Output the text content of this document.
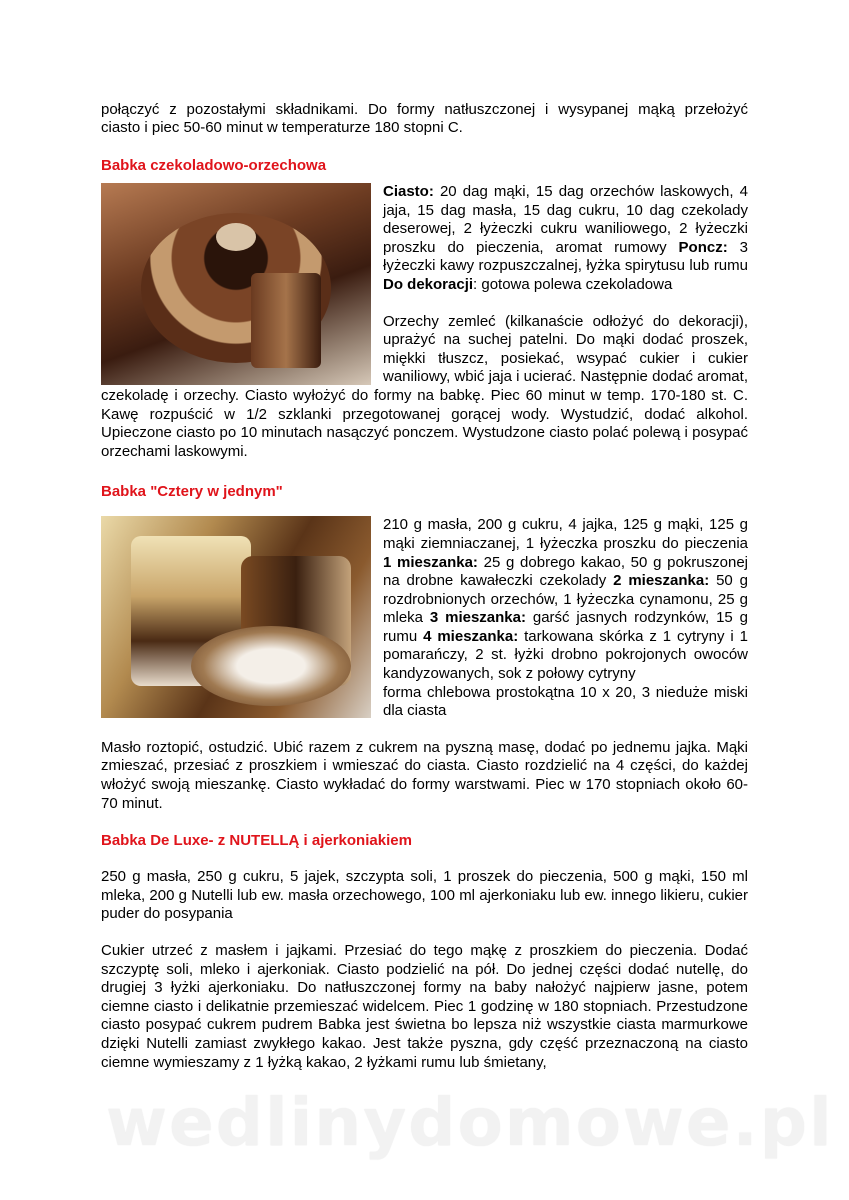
połączyć z pozostałymi składnikami. Do formy natłuszczonej i wysypanej mąką przełożyć

ciasto i piec 50-60 minut w temperaturze 180 stopni C.

Babka czekoladowo-orzechowa

Ciasto: 20 dag mąki, 15 dag orzechów laskowych, 4 jaja, 15 dag masła, 15 dag cukru, 10 dag czekolady deserowej, 2 łyżeczki cukru waniliowego, 2 łyżeczki proszku do pieczenia, aromat rumowy Poncz: 3 łyżeczki kawy rozpuszczalnej, łyżka spirytusu lub rumu Do dekoracji: gotowa polewa czekoladowa

Orzechy zemleć (kilkanaście odłożyć do dekoracji), uprażyć na suchej patelni. Do mąki dodać proszek, miękki tłuszcz, posiekać, wsypać cukier i cukier waniliowy, wbić jaja i ucierać. Następnie dodać aromat, czekoladę i orzechy. Ciasto wyłożyć do formy na babkę. Piec 60 minut w temp. 170-180 st. C. Kawę rozpuścić w 1/2 szklanki przegotowanej gorącej wody. Wystudzić, dodać alkohol. Upieczone ciasto po 10 minutach nasączyć ponczem. Wystudzone ciasto polać polewą i posypać orzechami laskowymi.

Babka "Cztery w jednym"

210 g masła, 200 g cukru, 4 jajka, 125 g mąki, 125 g mąki ziemniaczanej, 1 łyżeczka proszku do pieczenia 1 mieszanka: 25 g dobrego kakao, 50 g pokruszonej na drobne kawałeczki czekolady 2 mieszanka: 50 g rozdrobnionych orzechów, 1 łyżeczka cynamonu, 25 g mleka 3 mieszanka: garść jasnych rodzynków, 15 g rumu 4 mieszanka: tarkowana skórka z 1 cytryny i 1 pomarańczy, 2 st. łyżki drobno pokrojonych owoców kandyzowanych, sok z połowy cytryny

forma chlebowa prostokątna 10 x 20, 3 nieduże miski dla ciasta

Masło roztopić, ostudzić. Ubić razem z cukrem na pyszną masę, dodać po jednemu jajka. Mąki zmieszać, przesiać z proszkiem i wmieszać do ciasta. Ciasto rozdzielić na 4 części, do każdej włożyć swoją mieszankę. Ciasto wykładać do formy warstwami. Piec w 170 stopniach około 60-70 minut.

Babka De Luxe- z NUTELLĄ i ajerkoniakiem

250 g masła, 250 g cukru, 5 jajek, szczypta soli, 1 proszek do pieczenia, 500 g mąki, 150 ml mleka, 200 g Nutelli lub ew. masła orzechowego, 100 ml ajerkoniaku lub ew. innego likieru, cukier puder do posypania

Cukier utrzeć z masłem i jajkami. Przesiać do tego mąkę z proszkiem do pieczenia. Dodać szczyptę soli, mleko i ajerkoniak. Ciasto podzielić na pół. Do jednej części dodać nutellę, do drugiej 3 łyżki ajerkoniaku. Do natłuszczonej formy na baby nałożyć najpierw jasne, potem ciemne ciasto i delikatnie przemieszać widelcem. Piec 1 godzinę w 180 stopniach. Przestudzone ciasto posypać cukrem pudrem Babka jest świetna bo lepsza niż wszystkie ciasta marmurkowe dzięki Nutelli zamiast zwykłego kakao. Jest także pyszna, gdy część przeznaczoną na ciasto ciemne wymieszamy z 1 łyżką kakao, 2 łyżkami rumu lub śmietany,

wedlinydomowe.pl
